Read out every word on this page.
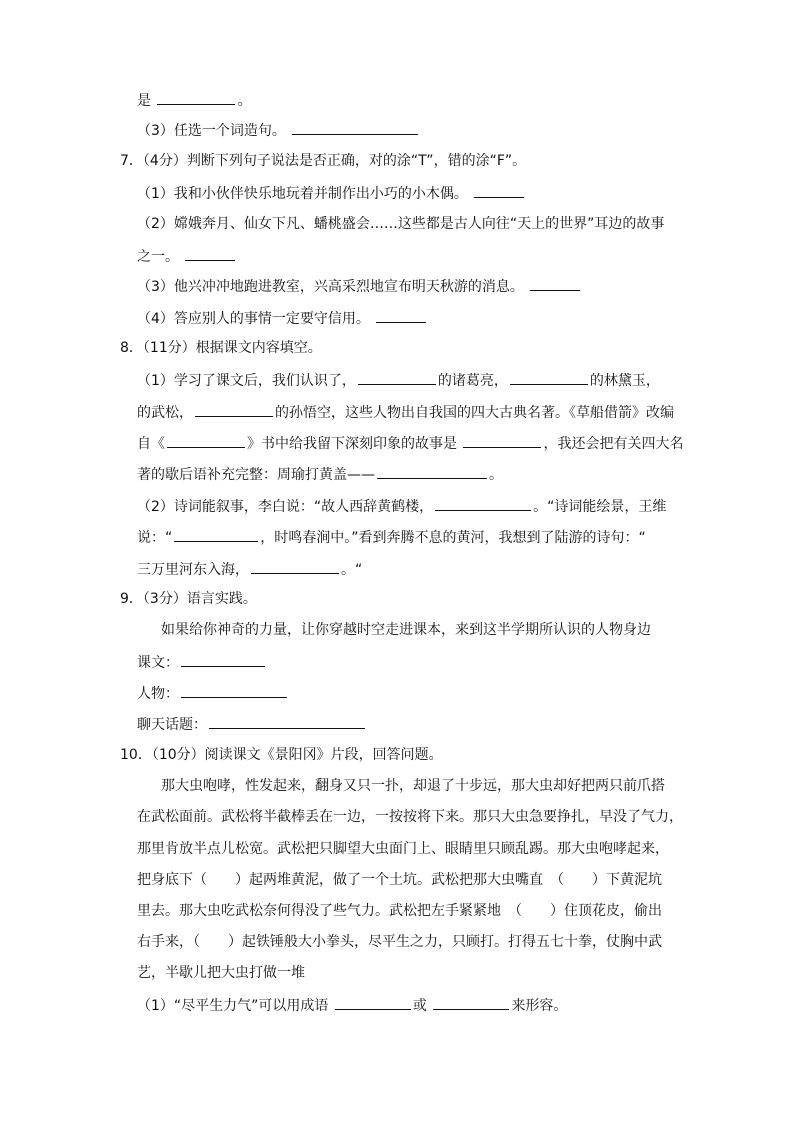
是	。
（3）任选一个词造句。
7．（4分）判断下列句子说法是否正确，对的涂“T”，错的涂“F”。
（1）我和小伙伴快乐地玩着并制作出小巧的小木偶。
（2）嫦娥奔月、仙女下凡、蟠桃盛会……这些都是古人向往“天上的世界”耳边的故事
之一。
（3）他兴冲冲地跑进教室，兴高采烈地宣布明天秋游的消息。
（4）答应别人的事情一定要守信用。
8．（11分）根据课文内容填空。
（1）学习了课文后，我们认识了，	的诸葛亮，	的林黛玉，
的武松，	的孙悟空，这些人物出自我国的四大古典名著。《草船借箭》改编
自《	》书中给我留下深刻印象的故事是	，我还会把有关四大名
著的歇后语补充完整：周瑜打黄盖——	。
（2）诗词能叙事，李白说：“故人西辞黄鹤楼，	。“诗词能绘景，王维
说：“	，时鸣春涧中。”看到奔腾不息的黄河，我想到了陆游的诗句：“
三万里河东入海，	。“
9．（3分）语言实践。
如果给你神奇的力量，让你穿越时空走进课本，来到这半学期所认识的人物身边
课文：
人物：
聊天话题：
10．（10分）阅读课文《景阳冈》片段，回答问题。
那大虫咆哮，性发起来，翻身又只一扑，却退了十步远，那大虫却好把两只前爪搭
在武松面前。武松将半截棒丢在一边，一按按将下来。那只大虫急要挣扎，早没了气力，
那里肯放半点儿松宽。武松把只脚望大虫面门上、眼睛里只顾乱踢。那大虫咆哮起来，
把身底下（　　）起两堆黄泥，做了一个土坑。武松把那大虫嘴直　（　　）下黄泥坑
里去。那大虫吃武松奈何得没了些气力。武松把左手紧紧地　（　　）住顶花皮，偷出
右手来，（　　）起铁锤般大小拳头，尽平生之力，只顾打。打得五七十拳，仗胸中武
艺，半歇儿把大虫打做一堆
（1）“尽平生力气”可以用成语	或	来形容。
